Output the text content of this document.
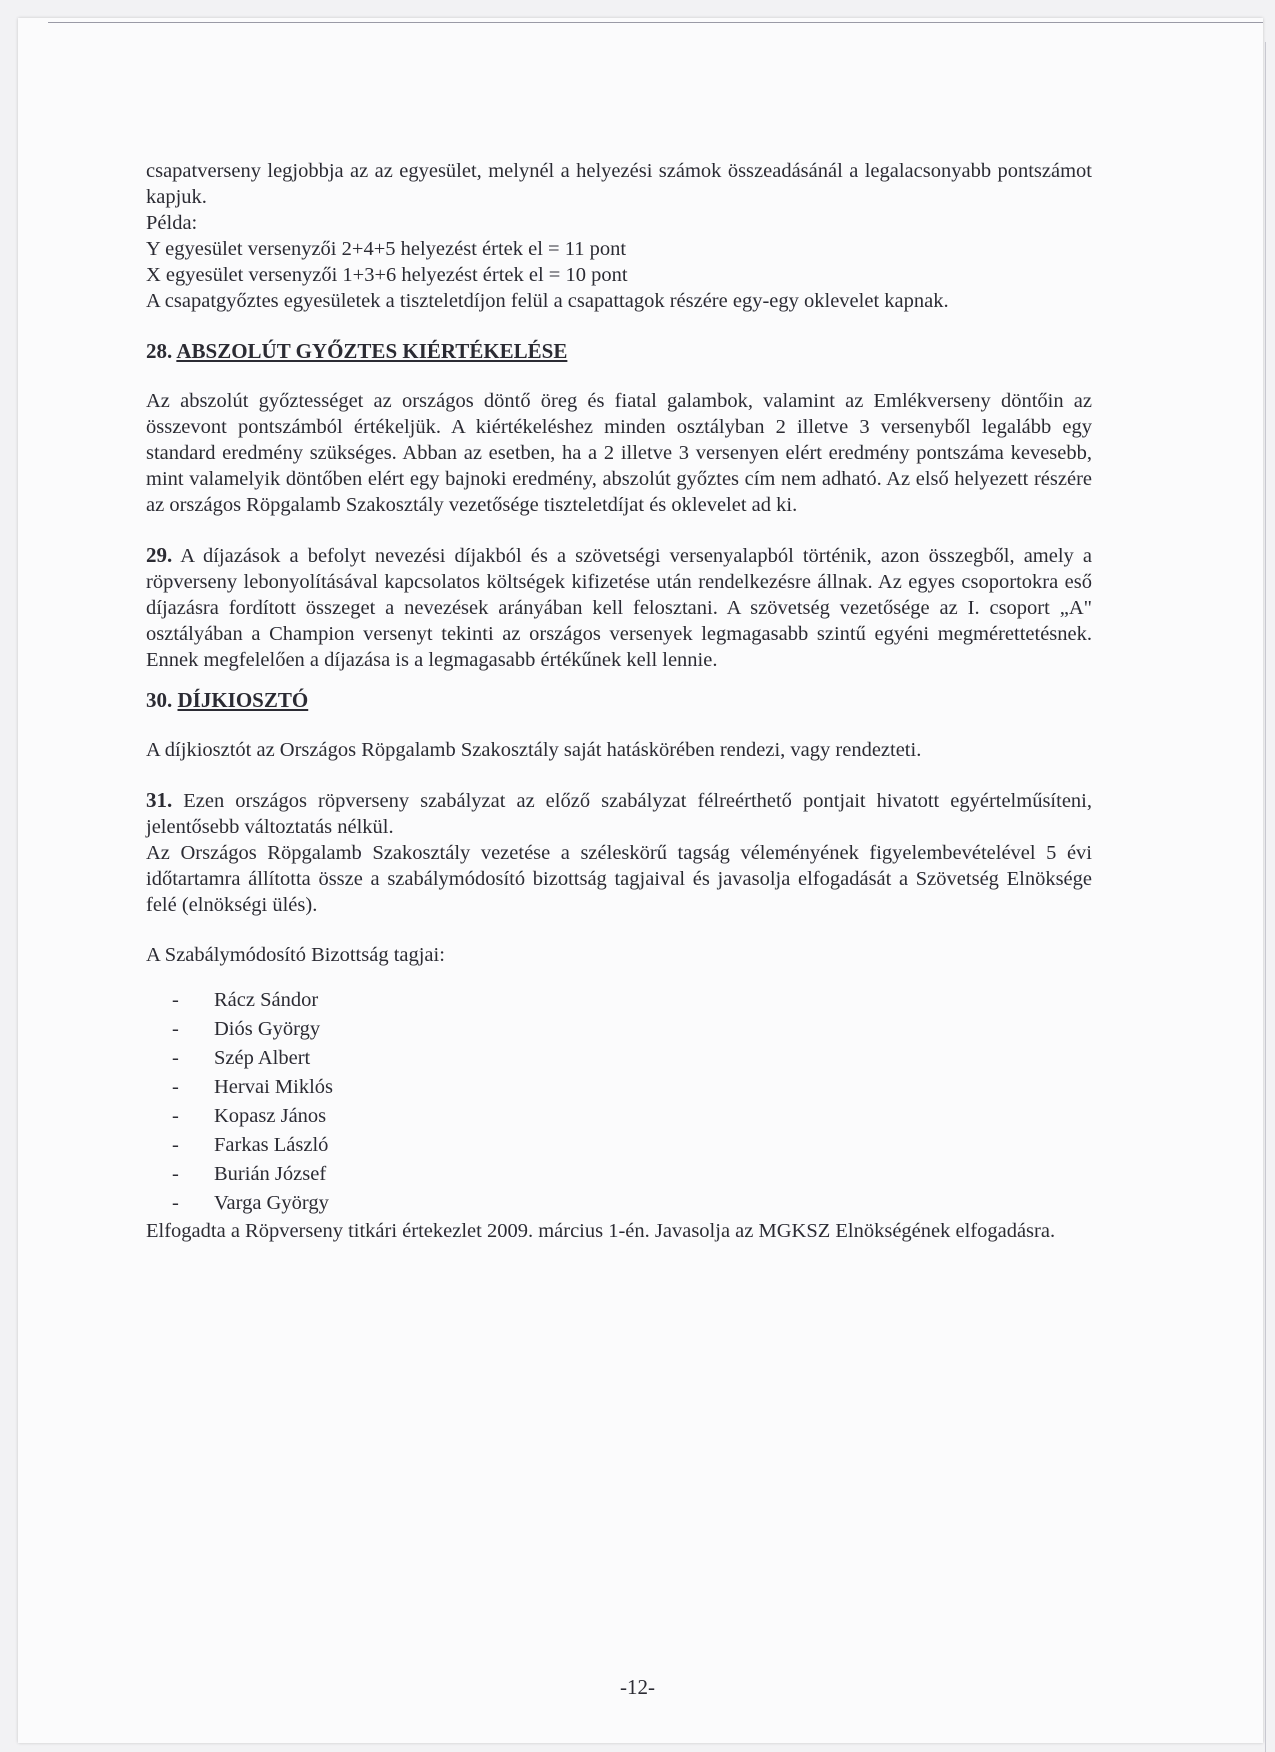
csapatverseny legjobbja az az egyesület, melynél a helyezési számok összeadásánál a legalacsonyabb pontszámot kapjuk.

Példa:

Y egyesület versenyzői 2+4+5 helyezést értek el = 11 pont

X egyesület versenyzői 1+3+6 helyezést értek el = 10 pont

A csapatgyőztes egyesületek a tiszteletdíjon felül a csapattagok részére egy-egy oklevelet kapnak.

28. ABSZOLÚT GYŐZTES KIÉRTÉKELÉSE

Az abszolút győztességet az országos döntő öreg és fiatal galambok, valamint az Emlékverseny döntőin az összevont pontszámból értékeljük. A kiértékeléshez minden osztályban 2 illetve 3 versenyből legalább egy standard eredmény szükséges. Abban az esetben, ha a 2 illetve 3 versenyen elért eredmény pontszáma kevesebb, mint valamelyik döntőben elért egy bajnoki eredmény, abszolút győztes cím nem adható. Az első helyezett részére az országos Röpgalamb Szakosztály vezetősége tiszteletdíjat és oklevelet ad ki.

29. A díjazások a befolyt nevezési díjakból és a szövetségi versenyalapból történik, azon összegből, amely a röpverseny lebonyolításával kapcsolatos költségek kifizetése után rendelkezésre állnak. Az egyes csoportokra eső díjazásra fordított összeget a nevezések arányában kell felosztani. A szövetség vezetősége az I. csoport „A" osztályában a Champion versenyt tekinti az országos versenyek legmagasabb szintű egyéni megmérettetésnek. Ennek megfelelően a díjazása is a legmagasabb értékűnek kell lennie.

30. DÍJKIOSZTÓ

A díjkiosztót az Országos Röpgalamb Szakosztály saját hatáskörében rendezi, vagy rendezteti.

31. Ezen országos röpverseny szabályzat az előző szabályzat félreérthető pontjait hivatott egyértelműsíteni, jelentősebb változtatás nélkül.

Az Országos Röpgalamb Szakosztály vezetése a széleskörű tagság véleményének figyelembevételével 5 évi időtartamra állította össze a szabálymódosító bizottság tagjaival és javasolja elfogadását a Szövetség Elnöksége felé (elnökségi ülés).

A Szabálymódosító Bizottság tagjai:

-	Rácz Sándor
-	Diós György
-	Szép Albert
-	Hervai Miklós
-	Kopasz János
-	Farkas László
-	Burián József
-	Varga György

Elfogadta a Röpverseny titkári értekezlet 2009. március 1-én. Javasolja az MGKSZ Elnökségének elfogadásra.

-12-
